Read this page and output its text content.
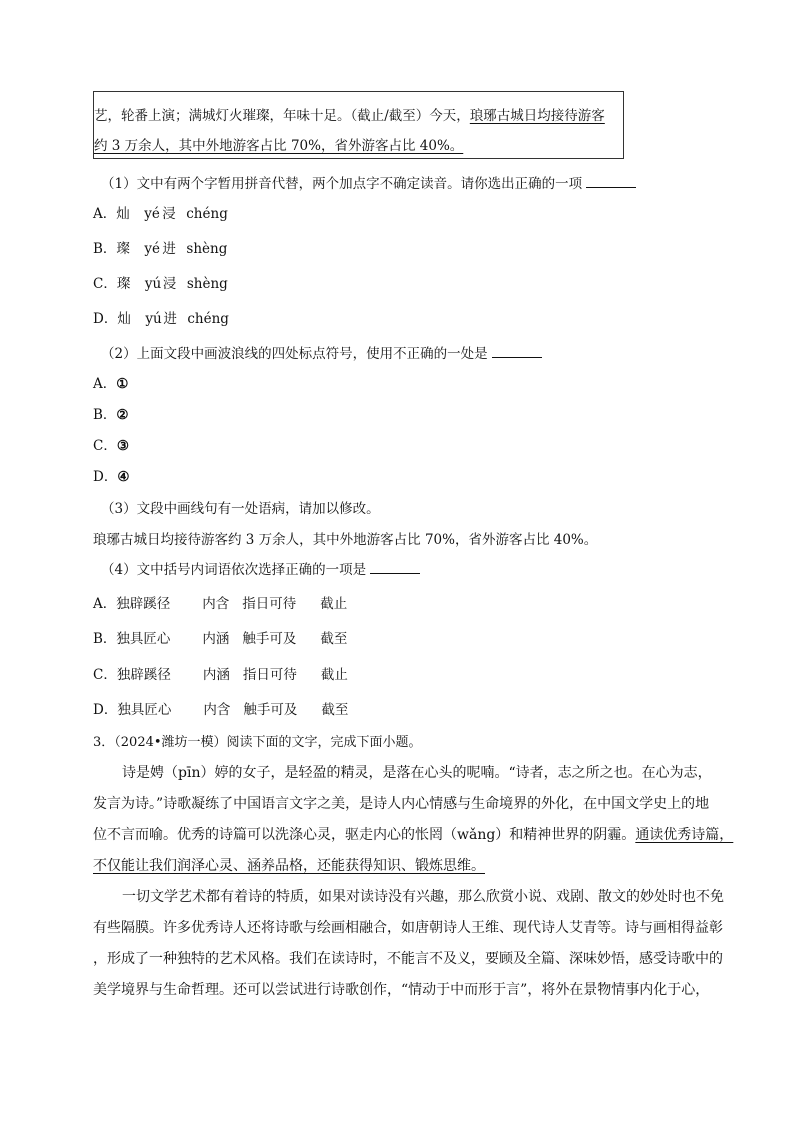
艺，轮番上演；满城灯火璀璨，年味十足。（截止/截至）今天，琅琊古城日均接待游客
约 3 万余人，其中外地游客占比 70%，省外游客占比 40%。
（1）文中有两个字暂用拼音代替，两个加点字不确定读音。请你选出正确的一项
A．灿 yé 浸 chéng
B．璨 yé 进 shèng
C．璨 yú 浸 shèng
D．灿 yú 进 chéng
（2）上面文段中画波浪线的四处标点符号，使用不正确的一处是
A．①
B．②
C．③
D．④
（3）文段中画线句有一处语病，请加以修改。
琅琊古城日均接待游客约 3 万余人，其中外地游客占比 70%，省外游客占比 40%。
（4）文中括号内词语依次选择正确的一项是
A．独辟蹊径 内含 指日可待 截止
B．独具匠心 内涵 触手可及 截至
C．独辟蹊径 内涵 指日可待 截止
D．独具匠心 内含 触手可及 截至
3．（2024•潍坊一模）阅读下面的文字，完成下面小题。
诗是娉（pīn）婷的女子，是轻盈的精灵，是落在心头的呢喃。“诗者，志之所之也。在心为志，
发言为诗。”诗歌凝练了中国语言文字之美，是诗人内心情感与生命境界的外化，在中国文学史上的地
位不言而喻。优秀的诗篇可以洗涤心灵，驱走内心的怅罔（wǎng）和精神世界的阴霾。通读优秀诗篇，
不仅能让我们润泽心灵、涵养品格，还能获得知识、锻炼思维。
一切文学艺术都有着诗的特质，如果对读诗没有兴趣，那么欣赏小说、戏剧、散文的妙处时也不免
有些隔膜。许多优秀诗人还将诗歌与绘画相融合，如唐朝诗人王维、现代诗人艾青等。诗与画相得益彰
，形成了一种独特的艺术风格。我们在读诗时，不能言不及义，要顾及全篇、深味妙悟，感受诗歌中的
美学境界与生命哲理。还可以尝试进行诗歌创作，“情动于中而形于言”，将外在景物情事内化于心，
